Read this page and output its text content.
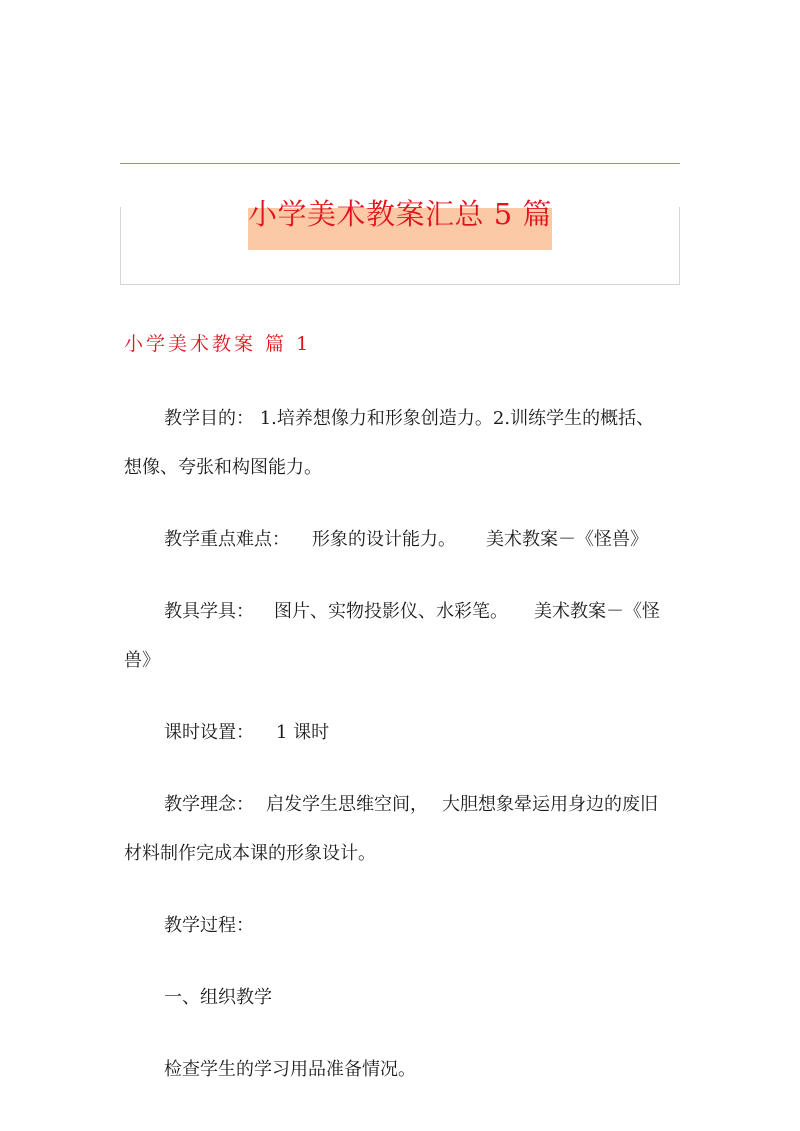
小学美术教案汇总 5 篇
小学美术教案 篇 1
教学目的： 1.培养想像力和形象创造力。2.训练学生的概括、
想像、夸张和构图能力。
教学重点难点： 形象的设计能力。 美术教案－《怪兽》
教具学具： 图片、实物投影仪、水彩笔。 美术教案－《怪
兽》
课时设置： 1 课时
教学理念： 启发学生思维空间， 大胆想象晕运用身边的废旧
材料制作完成本课的形象设计。
教学过程：
一、组织教学
检查学生的学习用品准备情况。
